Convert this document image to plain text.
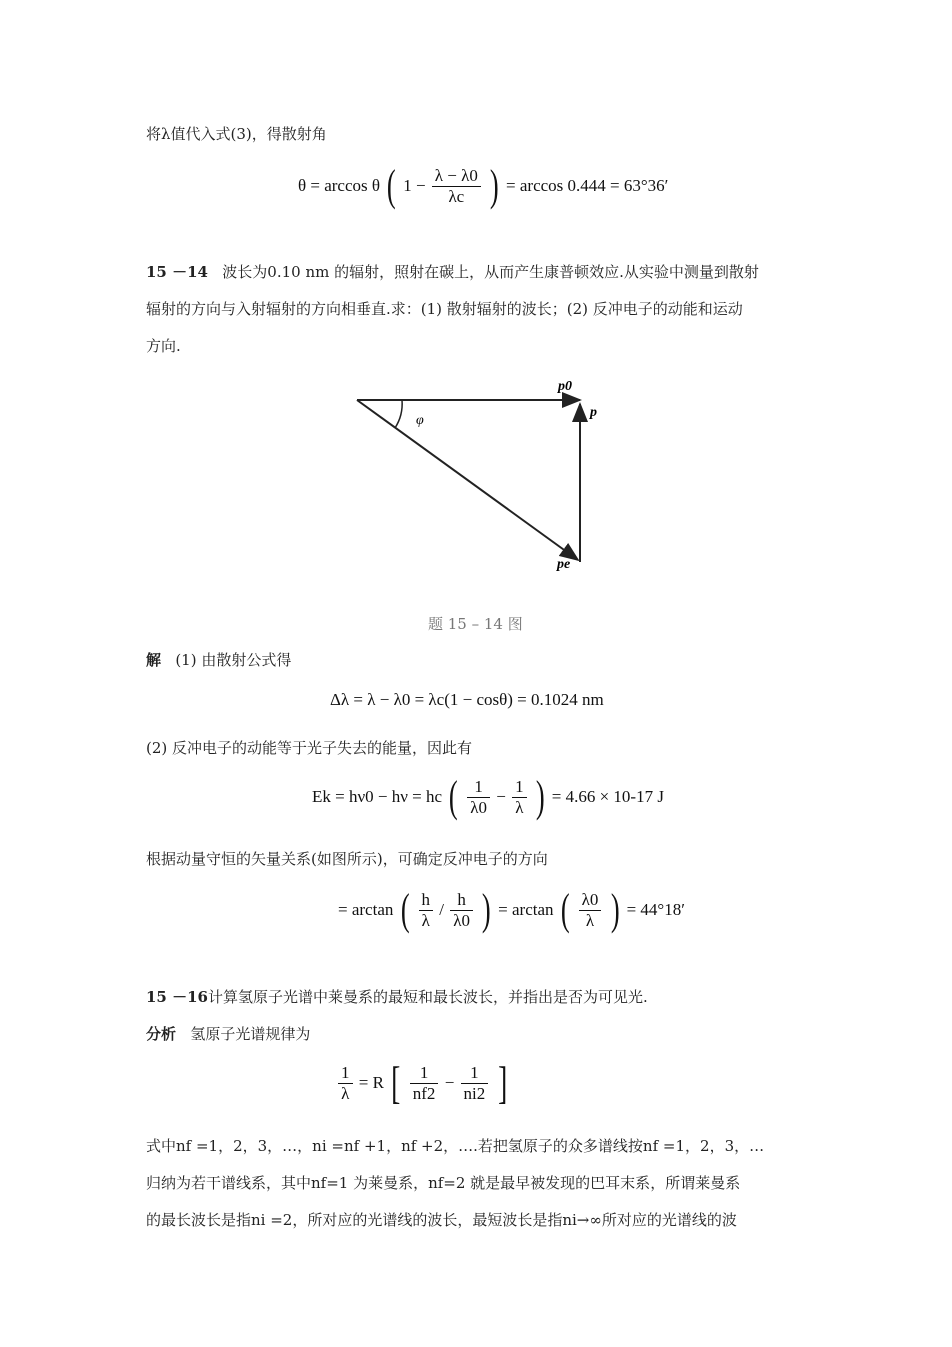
将λ值代入式(3)，得散射角
θ = arccos θ ( $1 - \frac{\lambda - \lambda 0}{\lambda c}$ ) = arccos 0.444 = 63°36′
15 －14 波长为0.10 nm 的辐射，照射在碳上，从而产生康普顿效应.从实验中测量到散射
辐射的方向与入射辐射的方向相垂直.求：(1) 散射辐射的波长；(2) 反冲电子的动能和运动
方向.
φ
p0
p
pe
题 15 – 14 图
解 (1) 由散射公式得
Δλ = λ − λ0 = λc(1 − cosθ) = 0.1024 nm
(2) 反冲电子的动能等于光子失去的能量，因此有
Ek = hν0 − hν = hc ( $\frac{1}{\lambda 0} - \frac{1}{\lambda}$ ) = 4.66 × 10-17 J
根据动量守恒的矢量关系(如图所示)，可确定反冲电子的方向
= arctan ( $\frac{h}{\lambda} / \frac{h}{\lambda 0}$ ) = arctan ( $\frac{\lambda 0}{\lambda}$ ) = 44°18′
15 －16计算氢原子光谱中莱曼系的最短和最长波长，并指出是否为可见光.
分析 氢原子光谱规律为
$\frac{1}{\lambda} = R$ [ $\frac{1}{nf2} - \frac{1}{ni2}$ ]
式中nf =1，2，3，…，ni =nf +1，nf +2，….若把氢原子的众多谱线按nf =1，2，3，…
归纳为若干谱线系，其中nf=1 为莱曼系，nf=2 就是最早被发现的巴耳末系，所谓莱曼系
的最长波长是指ni =2，所对应的光谱线的波长，最短波长是指ni→∞所对应的光谱线的波
